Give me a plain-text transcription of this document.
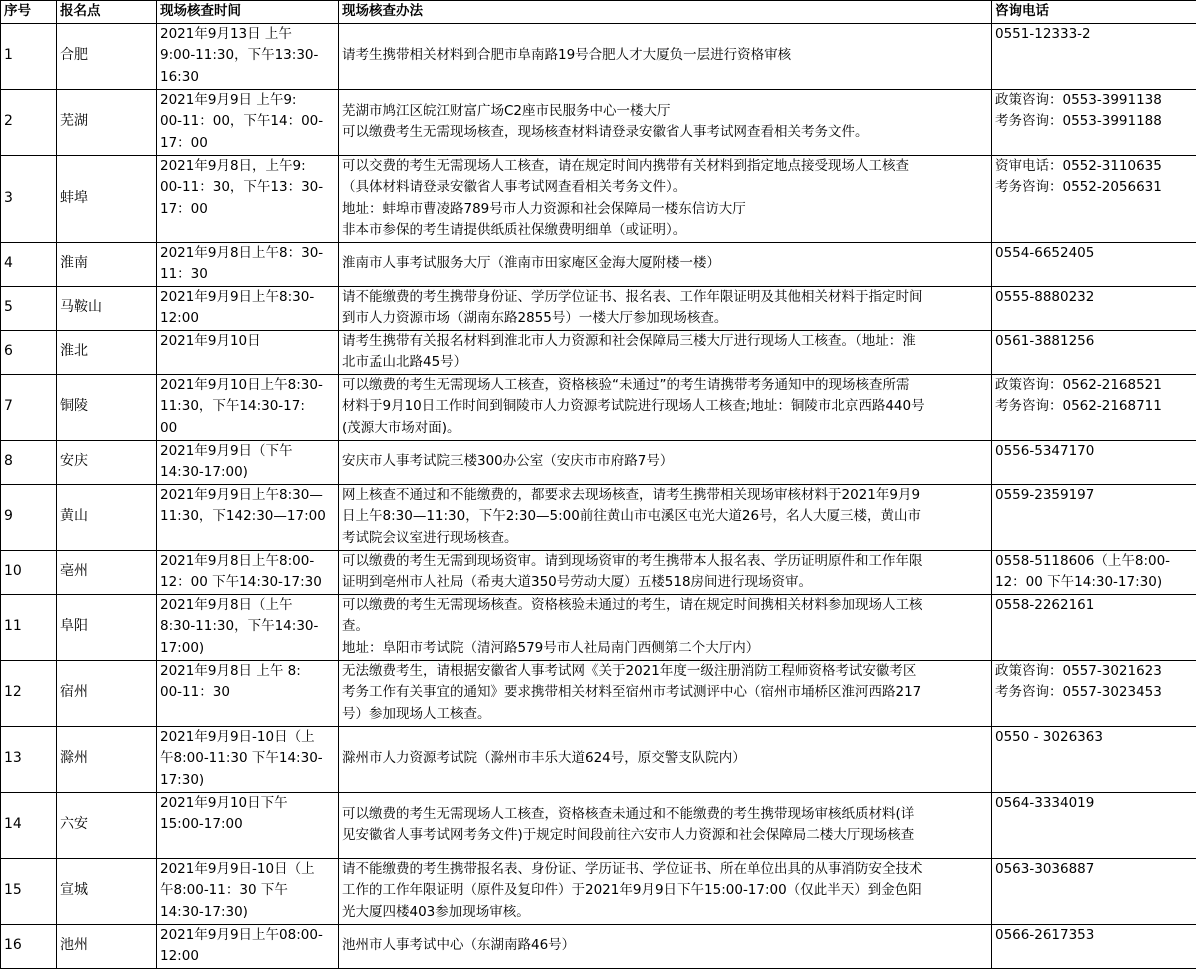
序号	报名点	现场核查时间	现场核查办法	咨询电话
1	合肥	2021年9月13日 上午
9:00-11:30，下午13:30-
16:30	请考生携带相关材料到合肥市阜南路19号合肥人才大厦负一层进行资格审核	0551-12333-2

2	芜湖	2021年9月9日 上午9:
00-11：00，下午14：00-
17：00	芜湖市鸠江区皖江财富广场C2座市民服务中心一楼大厅
可以缴费考生无需现场核查，现场核查材料请登录安徽省人事考试网查看相关考务文件。	政策咨询：0553-3991138
考务咨询：0553-3991188

3	蚌埠	2021年9月8日，上午9:
00-11：30，下午13：30-
17：00	可以交费的考生无需现场人工核查，请在规定时间内携带有关材料到指定地点接受现场人工核查
（具体材料请登录安徽省人事考试网查看相关考务文件）。
地址：蚌埠市曹凌路789号市人力资源和社会保障局一楼东信访大厅
非本市参保的考生请提供纸质社保缴费明细单（或证明）。	资审电话：0552-3110635
考务咨询：0552-2056631

4	淮南	2021年9月8日上午8：30-
11：30	淮南市人事考试服务大厅（淮南市田家庵区金海大厦附楼一楼）	0554-6652405

5	马鞍山	2021年9月9日上午8:30-
12:00	请不能缴费的考生携带身份证、学历学位证书、报名表、工作年限证明及其他相关材料于指定时间
到市人力资源市场（湖南东路2855号）一楼大厅参加现场核查。	0555-8880232

6	淮北	2021年9月10日	请考生携带有关报名材料到淮北市人力资源和社会保障局三楼大厅进行现场人工核查。（地址：淮
北市孟山北路45号）	0561-3881256

7	铜陵	2021年9月10日上午8:30-
11:30，下午14:30-17:
00	可以缴费的考生无需现场人工核查，资格核验“未通过”的考生请携带考务通知中的现场核查所需
材料于9月10日工作时间到铜陵市人力资源考试院进行现场人工核查;地址：铜陵市北京西路440号
(茂源大市场对面)。	政策咨询：0562-2168521
考务咨询：0562-2168711

8	安庆	2021年9月9日（下午
14:30-17:00)	安庆市人事考试院三楼300办公室（安庆市市府路7号）	0556-5347170

9	黄山	2021年9月9日上午8:30—
11:30，下142:30—17:00	网上核查不通过和不能缴费的，都要求去现场核查，请考生携带相关现场审核材料于2021年9月9
日上午8:30—11:30，下午2:30—5:00前往黄山市屯溪区屯光大道26号，名人大厦三楼，黄山市
考试院会议室进行现场核查。	0559-2359197

10	亳州	2021年9月8日上午8:00-
12：00 下午14:30-17:30	可以缴费的考生无需到现场资审。请到现场资审的考生携带本人报名表、学历证明原件和工作年限
证明到亳州市人社局（希夷大道350号劳动大厦）五楼518房间进行现场资审。	0558-5118606（上午8:00-
12：00 下午14:30-17:30)

11	阜阳	2021年9月8日（上午
8:30-11:30，下午14:30-
17:00)	可以缴费的考生无需现场核查。资格核验未通过的考生，请在规定时间携相关材料参加现场人工核
查。
地址：阜阳市考试院（清河路579号市人社局南门西侧第二个大厅内）	0558-2262161

12	宿州	2021年9月8日 上午 8:
00-11：30	无法缴费考生，请根据安徽省人事考试网《关于2021年度一级注册消防工程师资格考试安徽考区
考务工作有关事宜的通知》要求携带相关材料至宿州市考试测评中心（宿州市埇桥区淮河西路217
号）参加现场人工核查。	政策咨询：0557-3021623
考务咨询：0557-3023453

13	滁州	2021年9月9日-10日（上
午8:00-11:30 下午14:30-
17:30)	滁州市人力资源考试院（滁州市丰乐大道624号，原交警支队院内）	0550 - 3026363

14	六安	2021年9月10日下午
15:00-17:00	可以缴费的考生无需现场人工核查，资格核查未通过和不能缴费的考生携带现场审核纸质材料(详
见安徽省人事考试网考务文件)于规定时间段前往六安市人力资源和社会保障局二楼大厅现场核查	0564-3334019

15	宣城	2021年9月9日-10日（上
午8:00-11：30 下午
14:30-17:30)	请不能缴费的考生携带报名表、身份证、学历证书、学位证书、所在单位出具的从事消防安全技术
工作的工作年限证明（原件及复印件）于2021年9月9日下午15:00-17:00（仅此半天）到金色阳
光大厦四楼403参加现场审核。	0563-3036887

16	池州	2021年9月9日上午08:00-
12:00	池州市人事考试中心（东湖南路46号）	0566-2617353
